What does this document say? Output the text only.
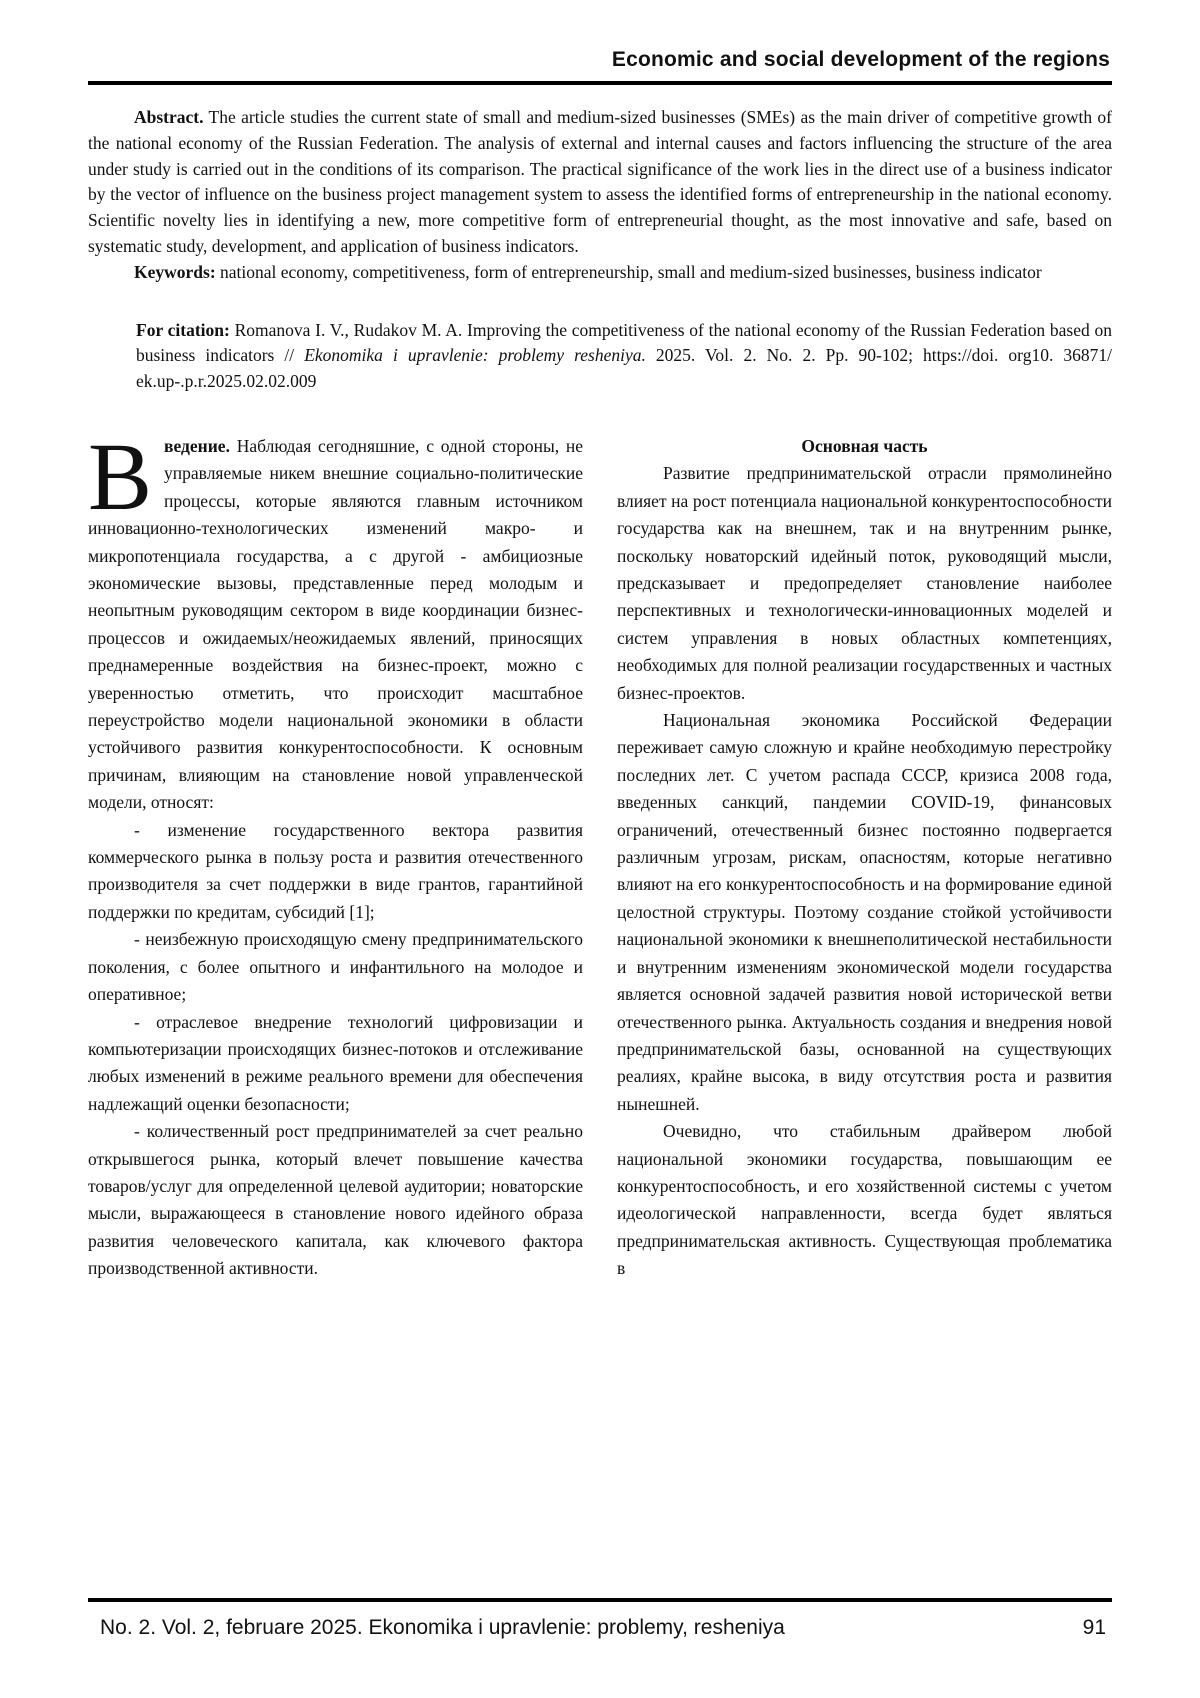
Economic and social development of the regions

Abstract. The article studies the current state of small and medium-sized businesses (SMEs) as the main driver of competitive growth of the national economy of the Russian Federation. The analysis of external and internal causes and factors influencing the structure of the area under study is carried out in the conditions of its comparison. The practical significance of the work lies in the direct use of a business indicator by the vector of influence on the business project management system to assess the identified forms of entrepreneurship in the national economy. Scientific novelty lies in identifying a new, more competitive form of entrepreneurial thought, as the most innovative and safe, based on systematic study, development, and application of business indicators.

Keywords: national economy, competitiveness, form of entrepreneurship, small and medium-sized businesses, business indicator

For citation: Romanova I. V., Rudakov M. A. Improving the competitiveness of the national economy of the Russian Federation based on business indicators // Ekonomika i upravlenie: problemy resheniya. 2025. Vol. 2. No. 2. Pp. 90-102; https://doi. org10. 36871/ ek.up-.p.r.2025.02.02.009

Введение. Наблюдая сегодняшние, с одной стороны, не управляемые никем внешние социально-политические процессы, которые являются главным источником инновационно-технологических изменений макро- и микропотенциала государства, а с другой - амбициозные экономические вызовы, представленные перед молодым и неопытным руководящим сектором в виде координации бизнес-процессов и ожидаемых/неожидаемых явлений, приносящих преднамеренные воздействия на бизнес-проект, можно с уверенностью отметить, что происходит масштабное переустройство модели национальной экономики в области устойчивого развития конкурентоспособности. К основным причинам, влияющим на становление новой управленческой модели, относят:

- изменение государственного вектора развития коммерческого рынка в пользу роста и развития отечественного производителя за счет поддержки в виде грантов, гарантийной поддержки по кредитам, субсидий [1];

- неизбежную происходящую смену предпринимательского поколения, с более опытного и инфантильного на молодое и оперативное;

- отраслевое внедрение технологий цифровизации и компьютеризации происходящих бизнес-потоков и отслеживание любых изменений в режиме реального времени для обеспечения надлежащий оценки безопасности;

- количественный рост предпринимателей за счет реально открывшегося рынка, который влечет повышение качества товаров/услуг для определенной целевой аудитории; новаторские мысли, выражающееся в становление нового идейного образа развития человеческого капитала, как ключевого фактора производственной активности.

Основная часть

Развитие предпринимательской отрасли прямолинейно влияет на рост потенциала национальной конкурентоспособности государства как на внешнем, так и на внутренним рынке, поскольку новаторский идейный поток, руководящий мысли, предсказывает и предопределяет становление наиболее перспективных и технологически-инновационных моделей и систем управления в новых областных компетенциях, необходимых для полной реализации государственных и частных бизнес-проектов.

Национальная экономика Российской Федерации переживает самую сложную и крайне необходимую перестройку последних лет. С учетом распада СССР, кризиса 2008 года, введенных санкций, пандемии COVID-19, финансовых ограничений, отечественный бизнес постоянно подвергается различным угрозам, рискам, опасностям, которые негативно влияют на его конкурентоспособность и на формирование единой целостной структуры. Поэтому создание стойкой устойчивости национальной экономики к внешнеполитической нестабильности и внутренним изменениям экономической модели государства является основной задачей развития новой исторической ветви отечественного рынка. Актуальность создания и внедрения новой предпринимательской базы, основанной на существующих реалиях, крайне высока, в виду отсутствия роста и развития нынешней.

Очевидно, что стабильным драйвером любой национальной экономики государства, повышающим ее конкурентоспособность, и его хозяйственной системы с учетом идеологической направленности, всегда будет являться предпринимательская активность. Существующая проблематика в

No. 2. Vol. 2, februare 2025. Ekonomika i upravlenie: problemy, resheniya	91
